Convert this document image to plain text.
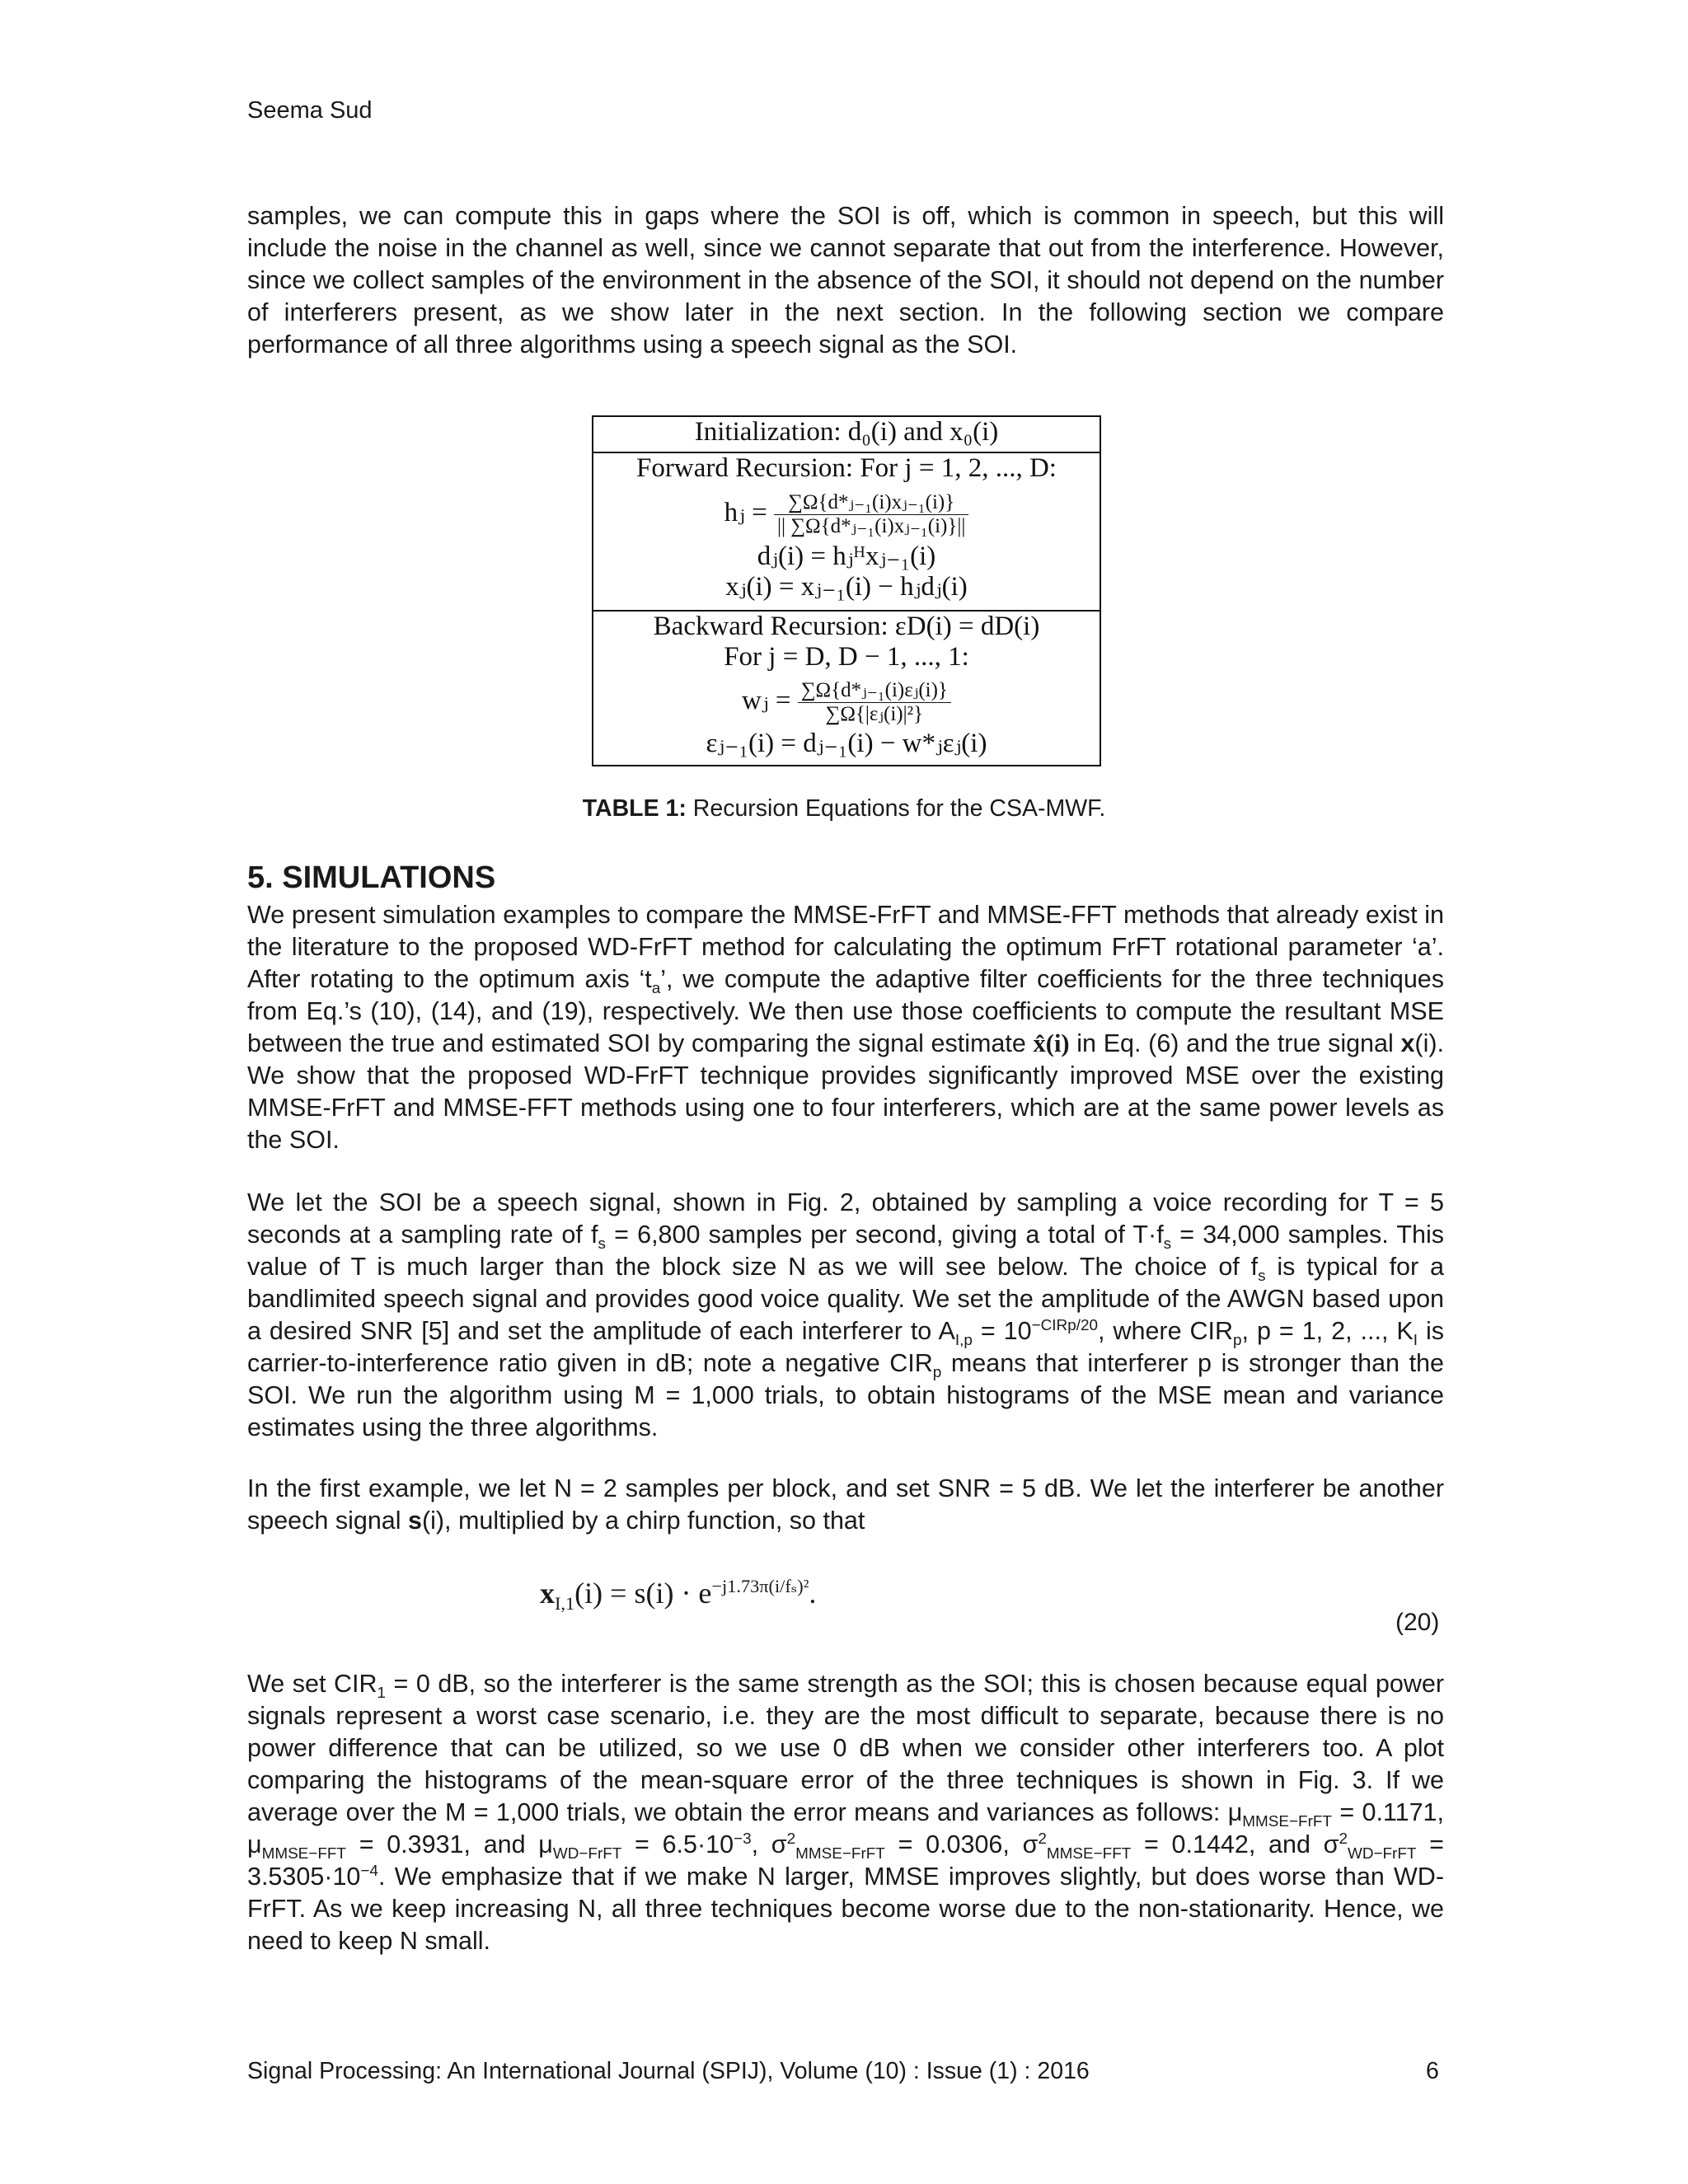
Seema Sud
samples, we can compute this in gaps where the SOI is off, which is common in speech, but this will include the noise in the channel as well, since we cannot separate that out from the interference. However, since we collect samples of the environment in the absence of the SOI, it should not depend on the number of interferers present, as we show later in the next section. In the following section we compare performance of all three algorithms using a speech signal as the SOI.
Initialization: d₀(i) and x₀(i)
Forward Recursion: For j = 1, 2, ..., D:
hⱼ = $\frac{\text{∑Ω\{d*ⱼ₋₁(i)xⱼ₋₁(i)\}}}{\text{|| ∑Ω\{d*ⱼ₋₁(i)xⱼ₋₁(i)\}||}}$
dⱼ(i) = hⱼᴴxⱼ₋₁(i)
xⱼ(i) = xⱼ₋₁(i) − hⱼdⱼ(i)
Backward Recursion: εD(i) = dD(i)
For j = D, D − 1, ..., 1:
wⱼ = $\frac{\text{∑Ω\{d*ⱼ₋₁(i)εⱼ(i)\}}}{\text{∑Ω\{|εⱼ(i)|²\}}}$
εⱼ₋₁(i) = dⱼ₋₁(i) − w*ⱼεⱼ(i)
TABLE 1: Recursion Equations for the CSA-MWF.
5. SIMULATIONS
We present simulation examples to compare the MMSE-FrFT and MMSE-FFT methods that already exist in the literature to the proposed WD-FrFT method for calculating the optimum FrFT rotational parameter ‘a’. After rotating to the optimum axis ‘$t_a$’, we compute the adaptive filter coefficients for the three techniques from Eq.’s (10), (14), and (19), respectively. We then use those coefficients to compute the resultant MSE between the true and estimated SOI by comparing the signal estimate x̂(i) in Eq. (6) and the true signal x(i). We show that the proposed WD-FrFT technique provides significantly improved MSE over the existing MMSE-FrFT and MMSE-FFT methods using one to four interferers, which are at the same power levels as the SOI.
We let the SOI be a speech signal, shown in Fig. 2, obtained by sampling a voice recording for T = 5 seconds at a sampling rate of $f_s = 6,800$ samples per second, giving a total of $T\cdot f_s = 34,000$ samples. This value of T is much larger than the block size N as we will see below. The choice of $f_s$ is typical for a bandlimited speech signal and provides good voice quality. We set the amplitude of the AWGN based upon a desired SNR [5] and set the amplitude of each interferer to $A_{I,p} = 10^{-CIRp/20}$, where $CIR_p$, p = 1, 2, ..., $K_I$ is carrier-to-interference ratio given in dB; note a negative $CIR_p$ means that interferer p is stronger than the SOI. We run the algorithm using M = 1,000 trials, to obtain histograms of the MSE mean and variance estimates using the three algorithms.
In the first example, we let N = 2 samples per block, and set SNR = 5 dB. We let the interferer be another speech signal s(i), multiplied by a chirp function, so that
$x_{I,1}(i) = s(i) \cdot e^{-j1.73\pi(i/f_s)^2}$.
(20)
We set $CIR_1 = 0$ dB, so the interferer is the same strength as the SOI; this is chosen because equal power signals represent a worst case scenario, i.e. they are the most difficult to separate, because there is no power difference that can be utilized, so we use 0 dB when we consider other interferers too. A plot comparing the histograms of the mean-square error of the three techniques is shown in Fig. 3. If we average over the M = 1,000 trials, we obtain the error means and variances as follows: $\mu_{MMSE-FrFT} = 0.1171$, $\mu_{MMSE-FFT} = 0.3931$, and $\mu_{WD-FrFT} = 6.5\cdot 10^{-3}$, $\sigma^2_{MMSE-FrFT} = 0.0306$, $\sigma^2_{MMSE-FFT} = 0.1442$, and $\sigma^2_{WD-FrFT} = 3.5305\cdot 10^{-4}$. We emphasize that if we make N larger, MMSE improves slightly, but does worse than WD-FrFT. As we keep increasing N, all three techniques become worse due to the non-stationarity. Hence, we need to keep N small.
Signal Processing: An International Journal (SPIJ), Volume (10) : Issue (1) : 2016	6
